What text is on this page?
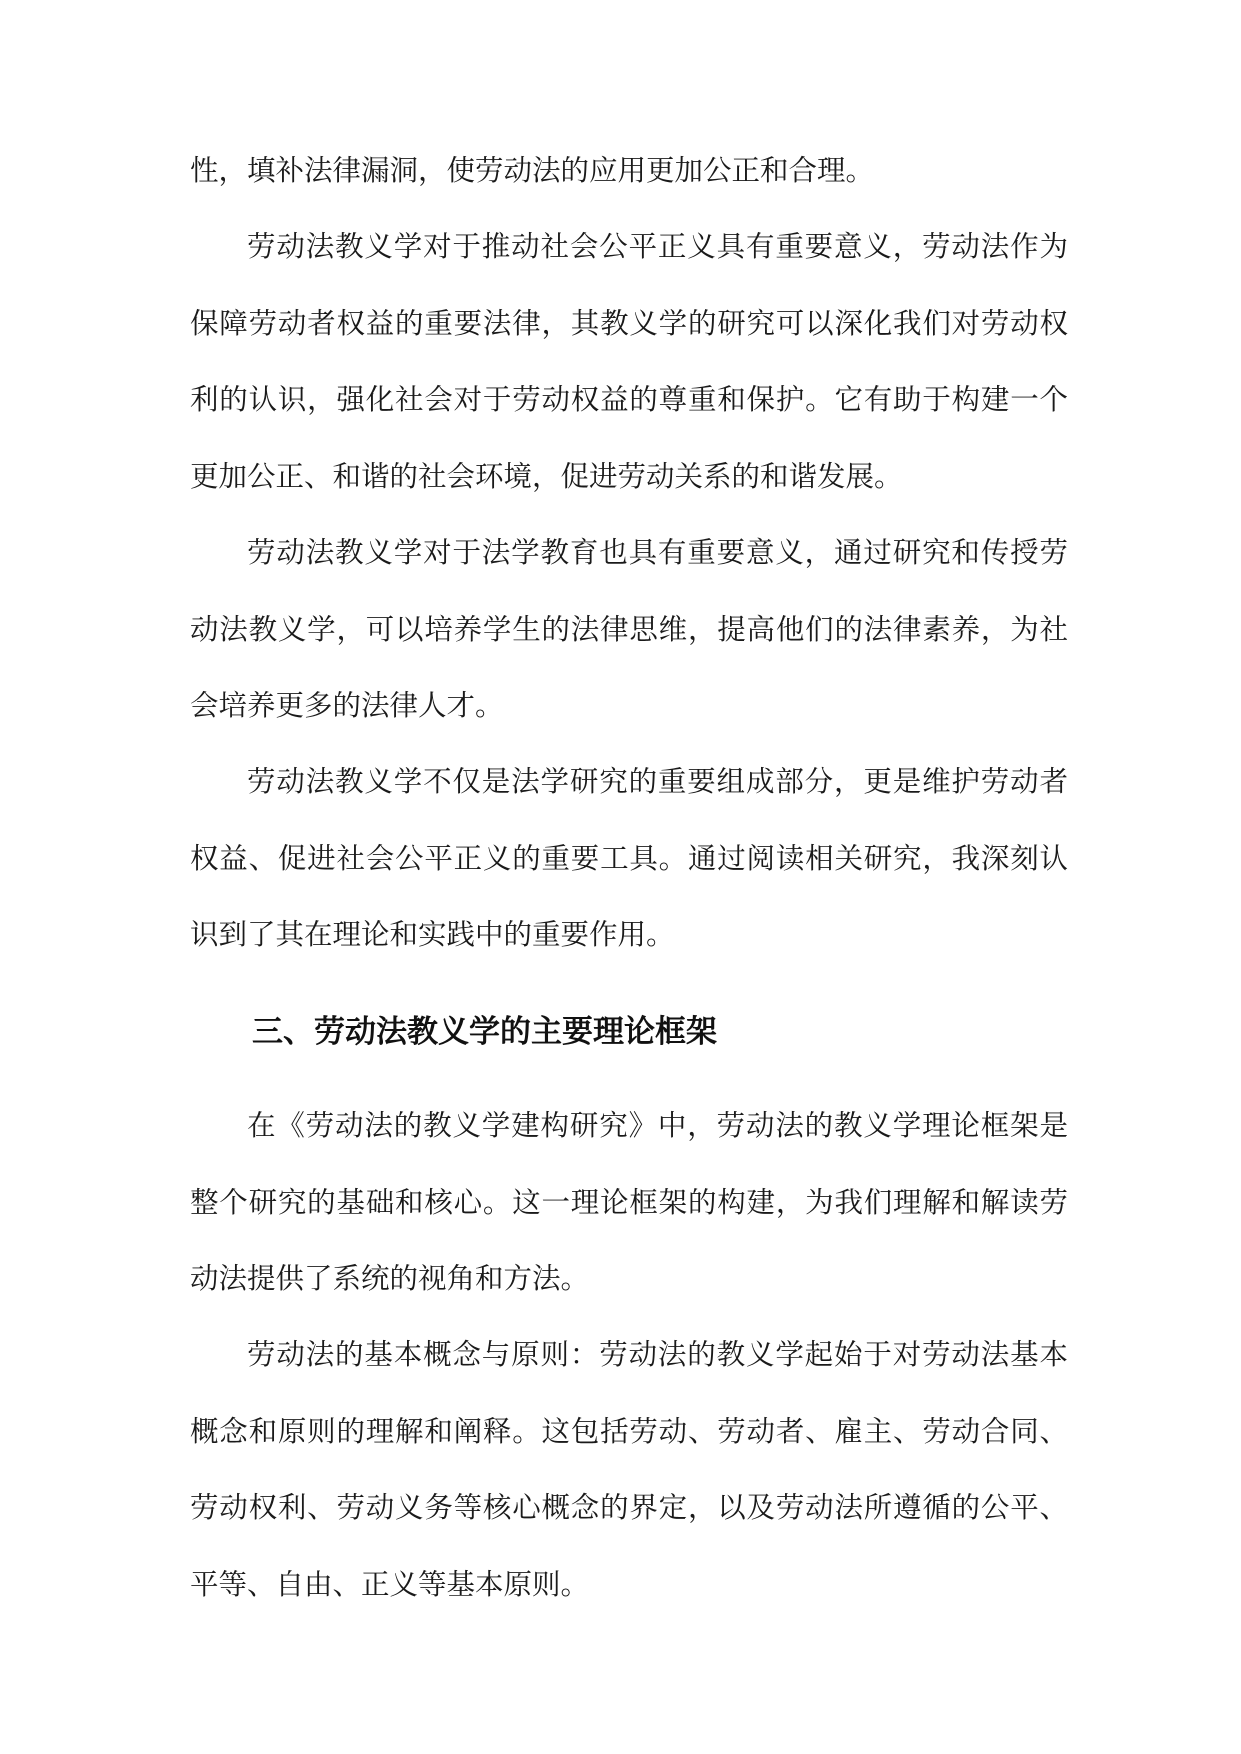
性，填补法律漏洞，使劳动法的应用更加公正和合理。

劳动法教义学对于推动社会公平正义具有重要意义，劳动法作为保障劳动者权益的重要法律，其教义学的研究可以深化我们对劳动权利的认识，强化社会对于劳动权益的尊重和保护。它有助于构建一个更加公正、和谐的社会环境，促进劳动关系的和谐发展。

劳动法教义学对于法学教育也具有重要意义，通过研究和传授劳动法教义学，可以培养学生的法律思维，提高他们的法律素养，为社会培养更多的法律人才。

劳动法教义学不仅是法学研究的重要组成部分，更是维护劳动者权益、促进社会公平正义的重要工具。通过阅读相关研究，我深刻认识到了其在理论和实践中的重要作用。

三、劳动法教义学的主要理论框架

在《劳动法的教义学建构研究》中，劳动法的教义学理论框架是整个研究的基础和核心。这一理论框架的构建，为我们理解和解读劳动法提供了系统的视角和方法。

劳动法的基本概念与原则：劳动法的教义学起始于对劳动法基本概念和原则的理解和阐释。这包括劳动、劳动者、雇主、劳动合同、劳动权利、劳动义务等核心概念的界定，以及劳动法所遵循的公平、平等、自由、正义等基本原则。
